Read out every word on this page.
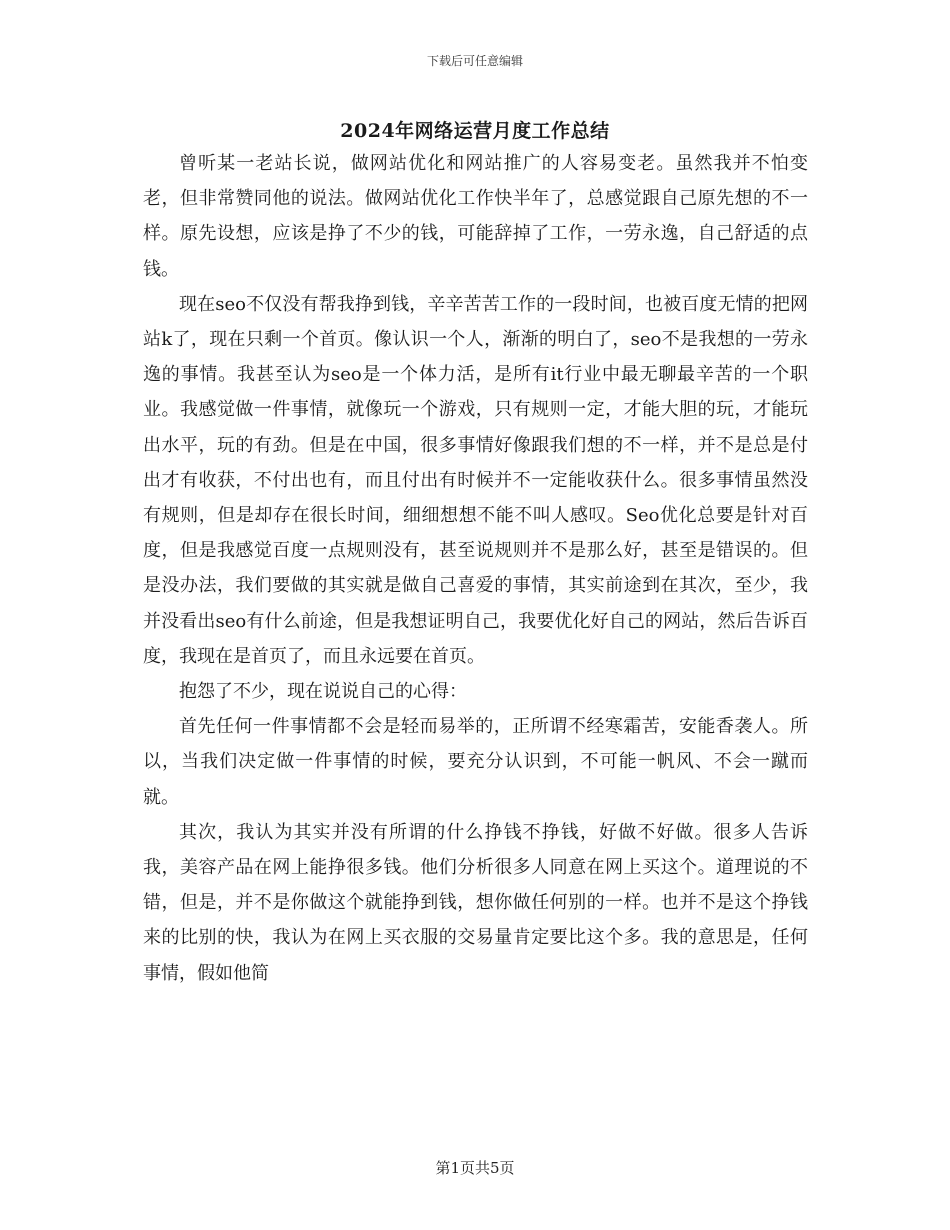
下载后可任意编辑
2024年网络运营月度工作总结

曾听某一老站长说，做网站优化和网站推广的人容易变老。虽然我并不怕变老，但非常赞同他的说法。做网站优化工作快半年了，总感觉跟自己原先想的不一样。原先设想，应该是挣了不少的钱，可能辞掉了工作，一劳永逸，自己舒适的点钱。

现在seo不仅没有帮我挣到钱，辛辛苦苦工作的一段时间，也被百度无情的把网站k了，现在只剩一个首页。像认识一个人，渐渐的明白了，seo不是我想的一劳永逸的事情。我甚至认为seo是一个体力活，是所有it行业中最无聊最辛苦的一个职业。我感觉做一件事情，就像玩一个游戏，只有规则一定，才能大胆的玩，才能玩出水平，玩的有劲。但是在中国，很多事情好像跟我们想的不一样，并不是总是付出才有收获，不付出也有，而且付出有时候并不一定能收获什么。很多事情虽然没有规则，但是却存在很长时间，细细想想不能不叫人感叹。Seo优化总要是针对百度，但是我感觉百度一点规则没有，甚至说规则并不是那么好，甚至是错误的。但是没办法，我们要做的其实就是做自己喜爱的事情，其实前途到在其次，至少，我并没看出seo有什么前途，但是我想证明自己，我要优化好自己的网站，然后告诉百度，我现在是首页了，而且永远要在首页。

抱怨了不少，现在说说自己的心得：

首先任何一件事情都不会是轻而易举的，正所谓不经寒霜苦，安能香袭人。所以，当我们决定做一件事情的时候，要充分认识到，不可能一帆风、不会一蹴而就。

其次，我认为其实并没有所谓的什么挣钱不挣钱，好做不好做。很多人告诉我，美容产品在网上能挣很多钱。他们分析很多人同意在网上买这个。道理说的不错，但是，并不是你做这个就能挣到钱，想你做任何别的一样。也并不是这个挣钱来的比别的快，我认为在网上买衣服的交易量肯定要比这个多。我的意思是，任何事情，假如他简

第1页共5页
